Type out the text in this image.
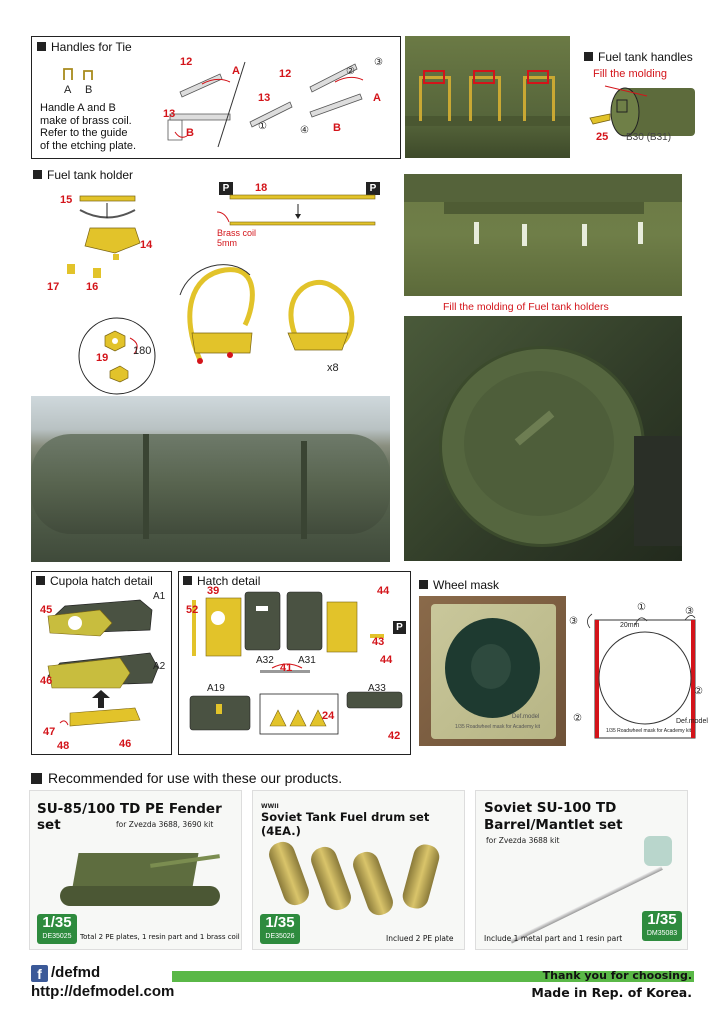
Handles for Tie
A B
Handle A and B
make of brass coil.
Refer to the guide
of the etching plate.
12
A
13
B
12	②
③
A
13
①	④ B
Fuel tank handles
Fill the molding
25 B30 (B31)
Fuel tank holder
15
14
17 16
P	P
18
Brass coil
5mm
x8
19
180
Fill the molding of Fuel tank holders
Cupola hatch detail
A1
45
A2
46
47
48	46
Hatch detail
39
52
A32 A31
41
44
43
44
P
A19	A33
24
42
Wheel mask
Def.model
1/35 Roadwheel mask for Academy kit
①
③
③
②
②
20mm
Def.model
1/35 Roadwheel mask for Academy kit
Recommended for use with these our products.
SU-85/100 TD PE Fender set	for Zvezda 3688, 3690 kit
1/35
DE35025	Total 2 PE plates, 1 resin part and 1 brass coil
WWII
Soviet Tank Fuel drum set (4EA.)
1/35
DE35026	Inclued 2 PE plate
Soviet SU-100 TD
Barrel/Mantlet set
for Zvezda 3688 kit
1/35
DM35083
Include 1 metal part and 1 resin part
f /defmd
http://defmodel.com
Thank you for choosing.
Made in Rep. of Korea.
